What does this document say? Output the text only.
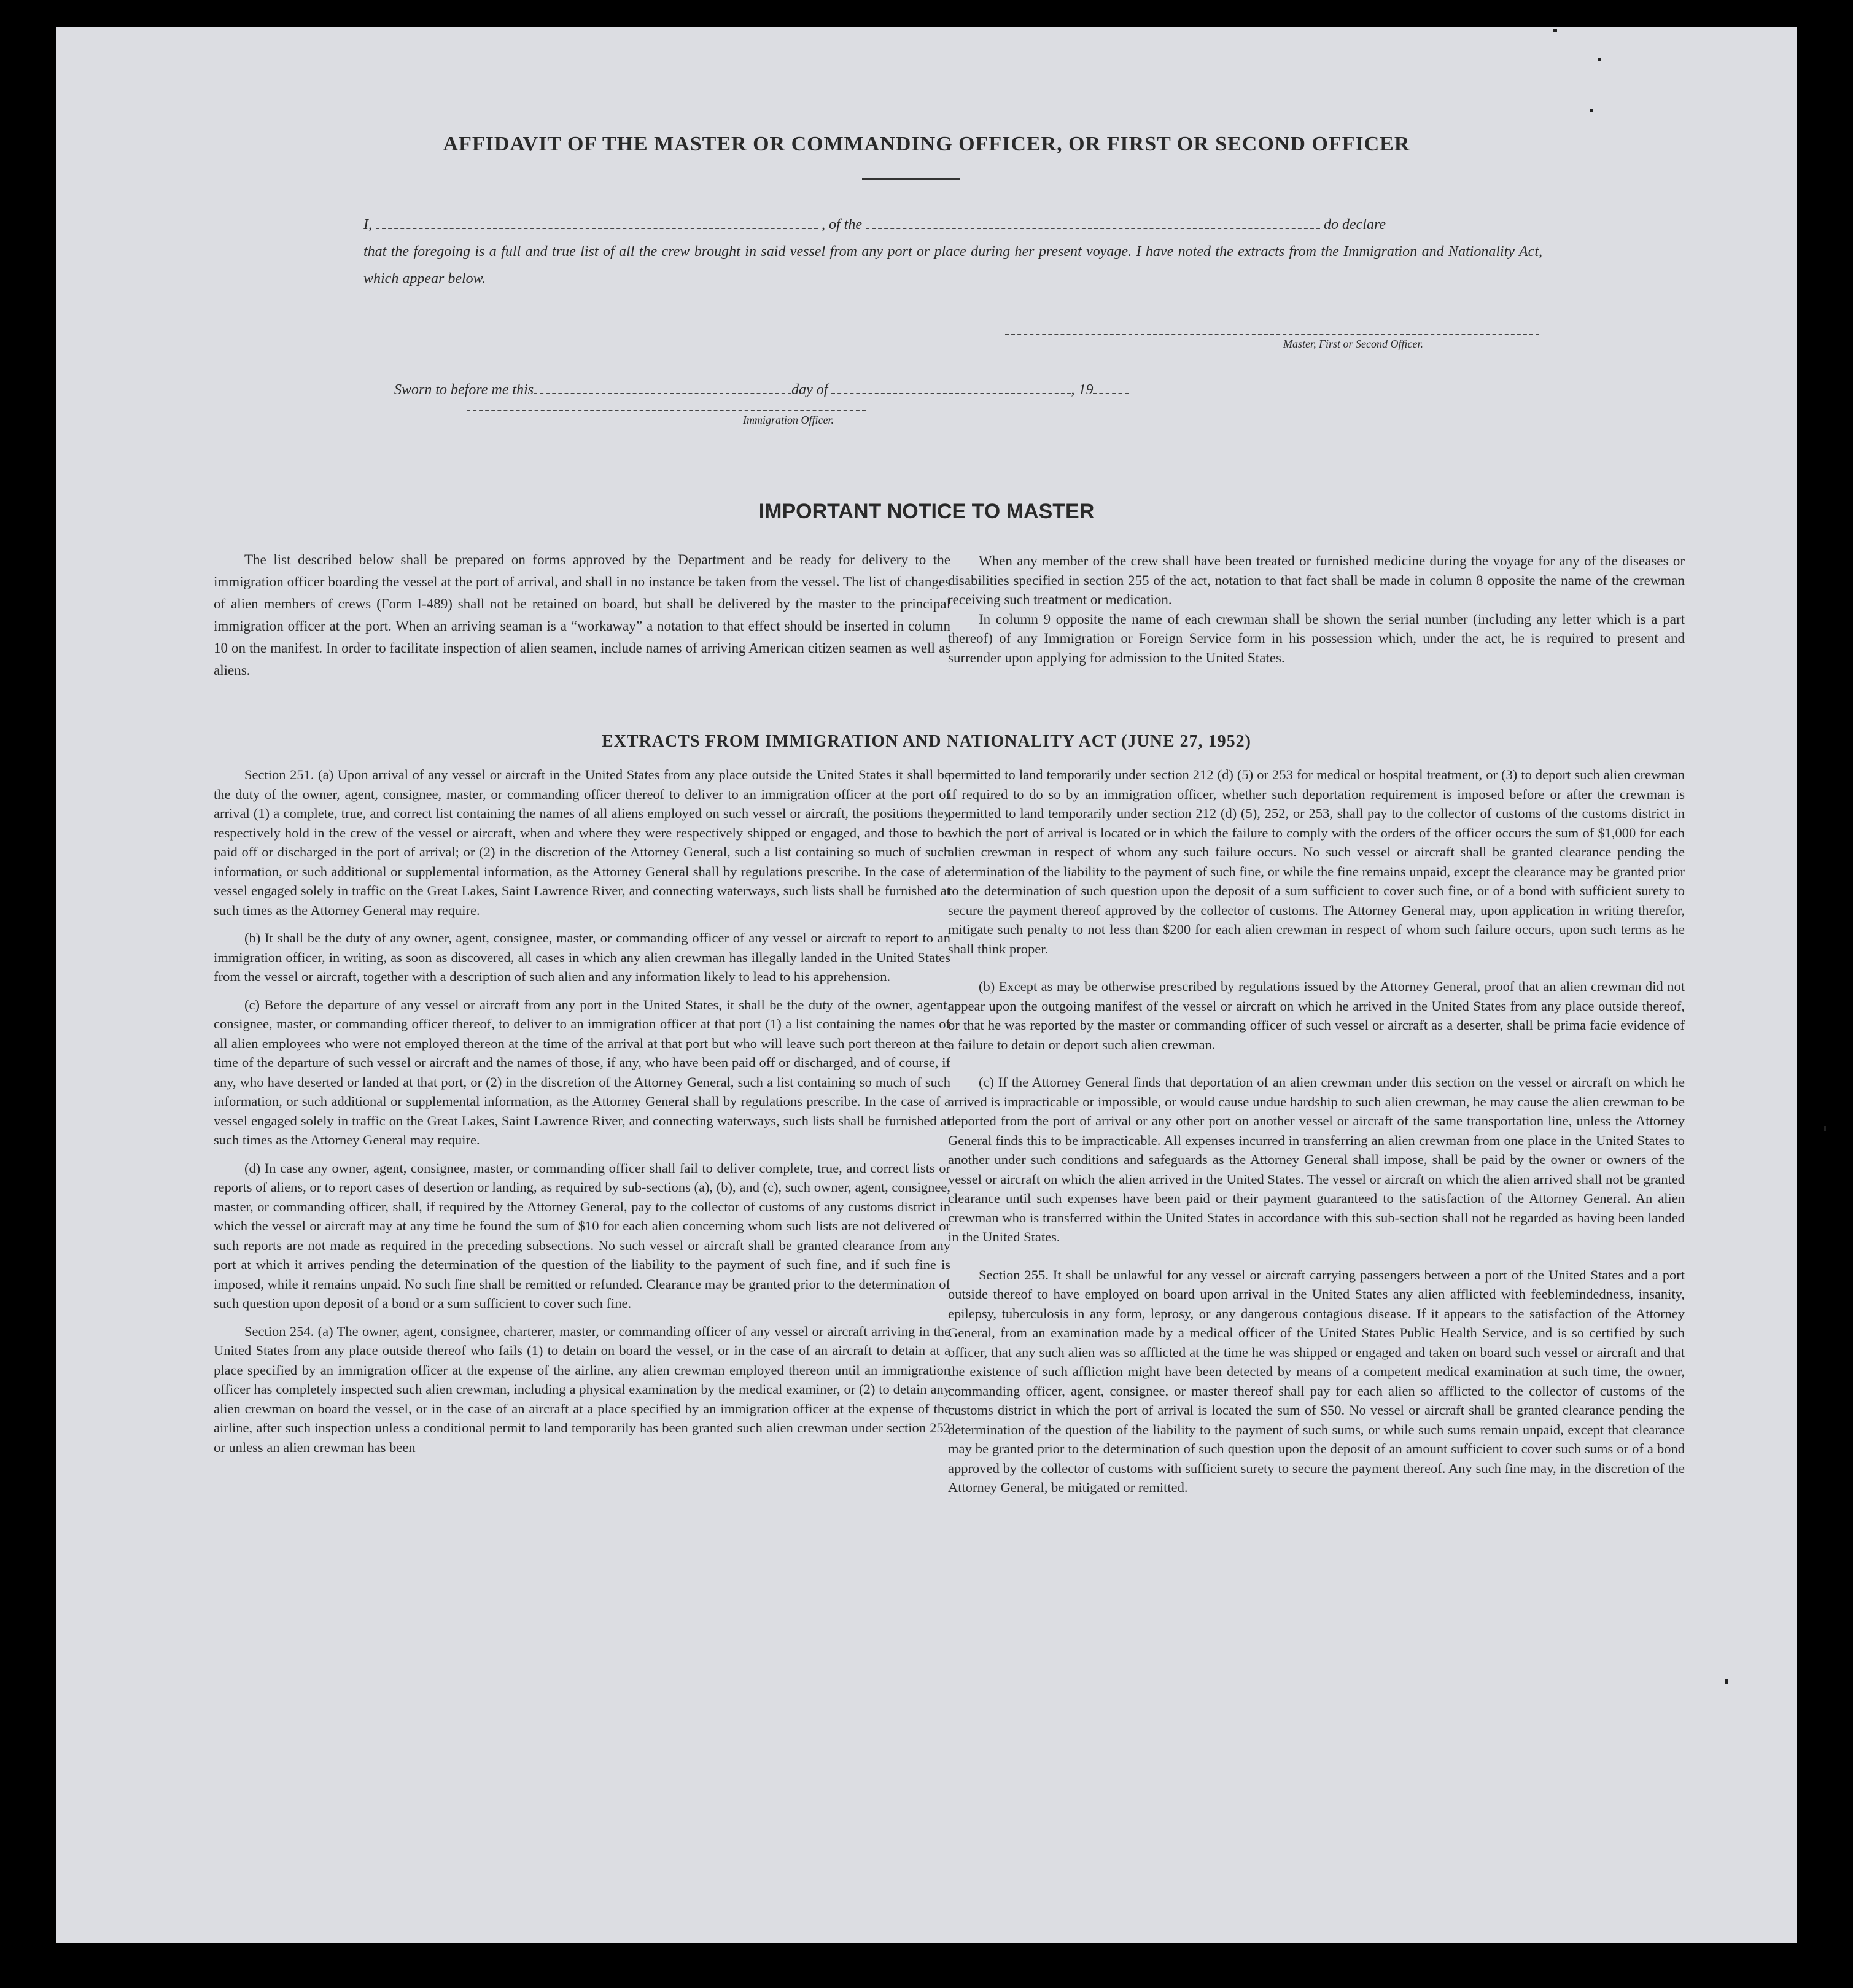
AFFIDAVIT OF THE MASTER OR COMMANDING OFFICER, OR FIRST OR SECOND OFFICER
I,	, of the	do declare
that the foregoing is a full and true list of all the crew brought in said vessel from any port or place during her present voyage. I have noted the extracts from the Immigration and Nationality Act, which appear below.
Master, First or Second Officer.
Sworn to before me this	day of	, 19
Immigration Officer.
IMPORTANT NOTICE TO MASTER

The list described below shall be prepared on forms approved by the Department and be ready for delivery to the immigration officer boarding the vessel at the port of arrival, and shall in no instance be taken from the vessel. The list of changes of alien members of crews (Form I-489) shall not be retained on board, but shall be delivered by the master to the principal immigration officer at the port. When an arriving seaman is a “workaway” a notation to that effect should be inserted in column 10 on the manifest. In order to facilitate inspection of alien seamen, include names of arriving American citizen seamen as well as aliens.

When any member of the crew shall have been treated or furnished medicine during the voyage for any of the diseases or disabilities specified in section 255 of the act, notation to that fact shall be made in column 8 opposite the name of the crewman receiving such treatment or medication.

In column 9 opposite the name of each crewman shall be shown the serial number (including any letter which is a part thereof) of any Immigration or Foreign Service form in his possession which, under the act, he is required to present and surrender upon applying for admission to the United States.

EXTRACTS FROM IMMIGRATION AND NATIONALITY ACT (JUNE 27, 1952)

Section 251. (a) Upon arrival of any vessel or aircraft in the United States from any place outside the United States it shall be the duty of the owner, agent, consignee, master, or commanding officer thereof to deliver to an immigration officer at the port of arrival (1) a complete, true, and correct list containing the names of all aliens employed on such vessel or aircraft, the positions they respectively hold in the crew of the vessel or aircraft, when and where they were respectively shipped or engaged, and those to be paid off or discharged in the port of arrival; or (2) in the discretion of the Attorney General, such a list containing so much of such information, or such additional or supplemental information, as the Attorney General shall by regulations prescribe. In the case of a vessel engaged solely in traffic on the Great Lakes, Saint Lawrence River, and connecting waterways, such lists shall be furnished at such times as the Attorney General may require.

(b) It shall be the duty of any owner, agent, consignee, master, or commanding officer of any vessel or aircraft to report to an immigration officer, in writing, as soon as discovered, all cases in which any alien crewman has illegally landed in the United States from the vessel or aircraft, together with a description of such alien and any information likely to lead to his apprehension.

(c) Before the departure of any vessel or aircraft from any port in the United States, it shall be the duty of the owner, agent, consignee, master, or commanding officer thereof, to deliver to an immigration officer at that port (1) a list containing the names of all alien employees who were not employed thereon at the time of the arrival at that port but who will leave such port thereon at the time of the departure of such vessel or aircraft and the names of those, if any, who have been paid off or discharged, and of course, if any, who have deserted or landed at that port, or (2) in the discretion of the Attorney General, such a list containing so much of such information, or such additional or supplemental information, as the Attorney General shall by regulations prescribe. In the case of a vessel engaged solely in traffic on the Great Lakes, Saint Lawrence River, and connecting waterways, such lists shall be furnished at such times as the Attorney General may require.

(d) In case any owner, agent, consignee, master, or commanding officer shall fail to deliver complete, true, and correct lists or reports of aliens, or to report cases of desertion or landing, as required by sub-sections (a), (b), and (c), such owner, agent, consignee, master, or commanding officer, shall, if required by the Attorney General, pay to the collector of customs of any customs district in which the vessel or aircraft may at any time be found the sum of $10 for each alien concerning whom such lists are not delivered or such reports are not made as required in the preceding subsections. No such vessel or aircraft shall be granted clearance from any port at which it arrives pending the determination of the question of the liability to the payment of such fine, and if such fine is imposed, while it remains unpaid. No such fine shall be remitted or refunded. Clearance may be granted prior to the determination of such question upon deposit of a bond or a sum sufficient to cover such fine.

Section 254. (a) The owner, agent, consignee, charterer, master, or commanding officer of any vessel or aircraft arriving in the United States from any place outside thereof who fails (1) to detain on board the vessel, or in the case of an aircraft to detain at a place specified by an immigration officer at the expense of the airline, any alien crewman employed thereon until an immigration officer has completely inspected such alien crewman, including a physical examination by the medical examiner, or (2) to detain any alien crewman on board the vessel, or in the case of an aircraft at a place specified by an immigration officer at the expense of the airline, after such inspection unless a conditional permit to land temporarily has been granted such alien crewman under section 252 or unless an alien crewman has been

permitted to land temporarily under section 212 (d) (5) or 253 for medical or hospital treatment, or (3) to deport such alien crewman if required to do so by an immigration officer, whether such deportation requirement is imposed before or after the crewman is permitted to land temporarily under section 212 (d) (5), 252, or 253, shall pay to the collector of customs of the customs district in which the port of arrival is located or in which the failure to comply with the orders of the officer occurs the sum of $1,000 for each alien crewman in respect of whom any such failure occurs. No such vessel or aircraft shall be granted clearance pending the determination of the liability to the payment of such fine, or while the fine remains unpaid, except the clearance may be granted prior to the determination of such question upon the deposit of a sum sufficient to cover such fine, or of a bond with sufficient surety to secure the payment thereof approved by the collector of customs. The Attorney General may, upon application in writing therefor, mitigate such penalty to not less than $200 for each alien crewman in respect of whom such failure occurs, upon such terms as he shall think proper.

(b) Except as may be otherwise prescribed by regulations issued by the Attorney General, proof that an alien crewman did not appear upon the outgoing manifest of the vessel or aircraft on which he arrived in the United States from any place outside thereof, or that he was reported by the master or commanding officer of such vessel or aircraft as a deserter, shall be prima facie evidence of a failure to detain or deport such alien crewman.

(c) If the Attorney General finds that deportation of an alien crewman under this section on the vessel or aircraft on which he arrived is impracticable or impossible, or would cause undue hardship to such alien crewman, he may cause the alien crewman to be deported from the port of arrival or any other port on another vessel or aircraft of the same transportation line, unless the Attorney General finds this to be impracticable. All expenses incurred in transferring an alien crewman from one place in the United States to another under such conditions and safeguards as the Attorney General shall impose, shall be paid by the owner or owners of the vessel or aircraft on which the alien arrived in the United States. The vessel or aircraft on which the alien arrived shall not be granted clearance until such expenses have been paid or their payment guaranteed to the satisfaction of the Attorney General. An alien crewman who is transferred within the United States in accordance with this sub-section shall not be regarded as having been landed in the United States.

Section 255. It shall be unlawful for any vessel or aircraft carrying passengers between a port of the United States and a port outside thereof to have employed on board upon arrival in the United States any alien afflicted with feeblemindedness, insanity, epilepsy, tuberculosis in any form, leprosy, or any dangerous contagious disease. If it appears to the satisfaction of the Attorney General, from an examination made by a medical officer of the United States Public Health Service, and is so certified by such officer, that any such alien was so afflicted at the time he was shipped or engaged and taken on board such vessel or aircraft and that the existence of such affliction might have been detected by means of a competent medical examination at such time, the owner, commanding officer, agent, consignee, or master thereof shall pay for each alien so afflicted to the collector of customs of the customs district in which the port of arrival is located the sum of $50. No vessel or aircraft shall be granted clearance pending the determination of the question of the liability to the payment of such sums, or while such sums remain unpaid, except that clearance may be granted prior to the determination of such question upon the deposit of an amount sufficient to cover such sums or of a bond approved by the collector of customs with sufficient surety to secure the payment thereof. Any such fine may, in the discretion of the Attorney General, be mitigated or remitted.
